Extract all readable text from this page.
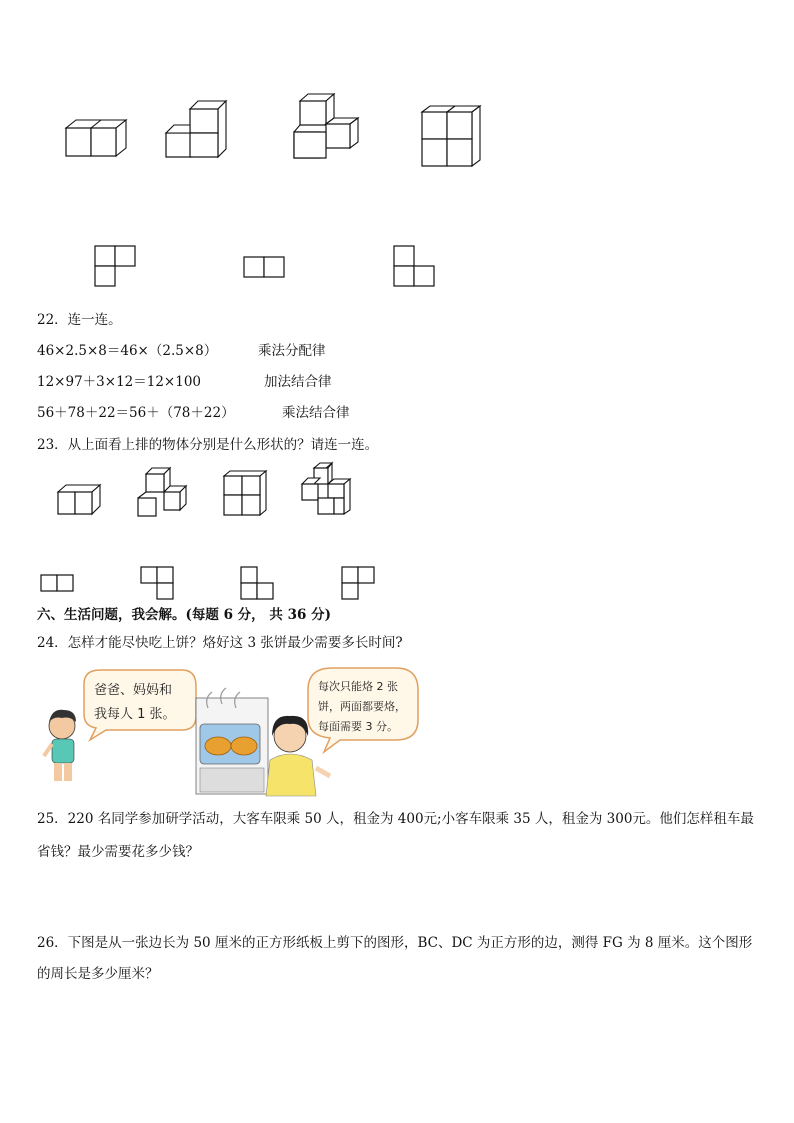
22．连一连。
46×2.5×8＝46×（2.5×8）	乘法分配律
12×97＋3×12＝12×100	加法结合律
56＋78＋22＝56＋（78＋22）	乘法结合律
23．从上面看上排的物体分别是什么形状的？请连一连。
六、生活问题，我会解。(每题 6 分， 共 36 分)
24．怎样才能尽快吃上饼？烙好这 3 张饼最少需要多长时间?
爸爸、妈妈和
我每人 1 张。
每次只能烙 2 张
饼，两面都要烙，
每面需要 3 分。
25．220 名同学参加研学活动，大客车限乘 50 人，租金为 400元;小客车限乘 35 人，租金为 300元。他们怎样租车最
省钱？最少需要花多少钱？
26．下图是从一张边长为 50 厘米的正方形纸板上剪下的图形，BC、DC 为正方形的边，测得 FG 为 8 厘米。这个图形
的周长是多少厘米？
